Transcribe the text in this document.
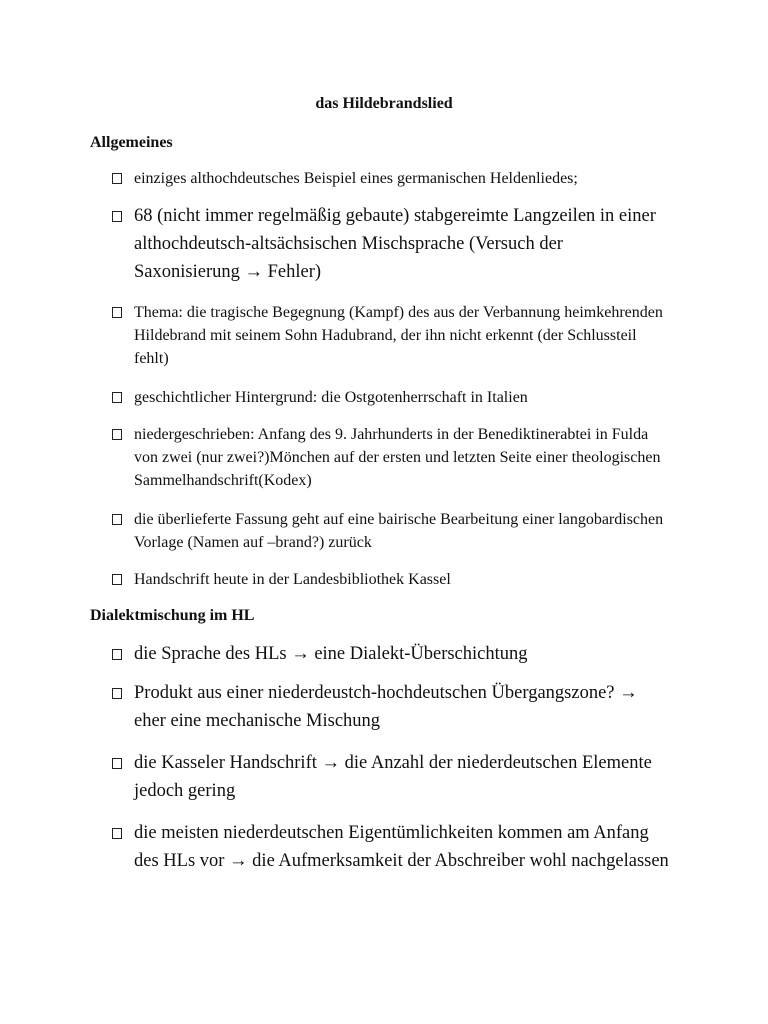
das Hildebrandslied
Allgemeines
einziges althochdeutsches Beispiel eines germanischen Heldenliedes;
68 (nicht immer regelmäßig gebaute) stabgereimte Langzeilen in einer althochdeutsch-altsächsischen Mischsprache (Versuch der Saxonisierung → Fehler)
Thema: die tragische Begegnung (Kampf) des aus der Verbannung heimkehrenden Hildebrand mit seinem Sohn Hadubrand, der ihn nicht erkennt (der Schlussteil fehlt)
geschichtlicher Hintergrund: die Ostgotenherrschaft in Italien
niedergeschrieben: Anfang des 9. Jahrhunderts in der Benediktinerabtei in Fulda von zwei (nur zwei?)Mönchen auf der ersten und letzten Seite einer theologischen Sammelhandschrift(Kodex)
die überlieferte Fassung geht auf eine bairische Bearbeitung einer langobardischen Vorlage (Namen auf –brand?) zurück
Handschrift heute in der Landesbibliothek Kassel
Dialektmischung im HL
die Sprache des HLs → eine Dialekt-Überschichtung
Produkt aus einer niederdeustch-hochdeutschen Übergangszone? → eher eine mechanische Mischung
die Kasseler Handschrift → die Anzahl der niederdeutschen Elemente jedoch gering
die meisten niederdeutschen Eigentümlichkeiten kommen am Anfang des HLs vor → die Aufmerksamkeit der Abschreiber wohl nachgelassen
